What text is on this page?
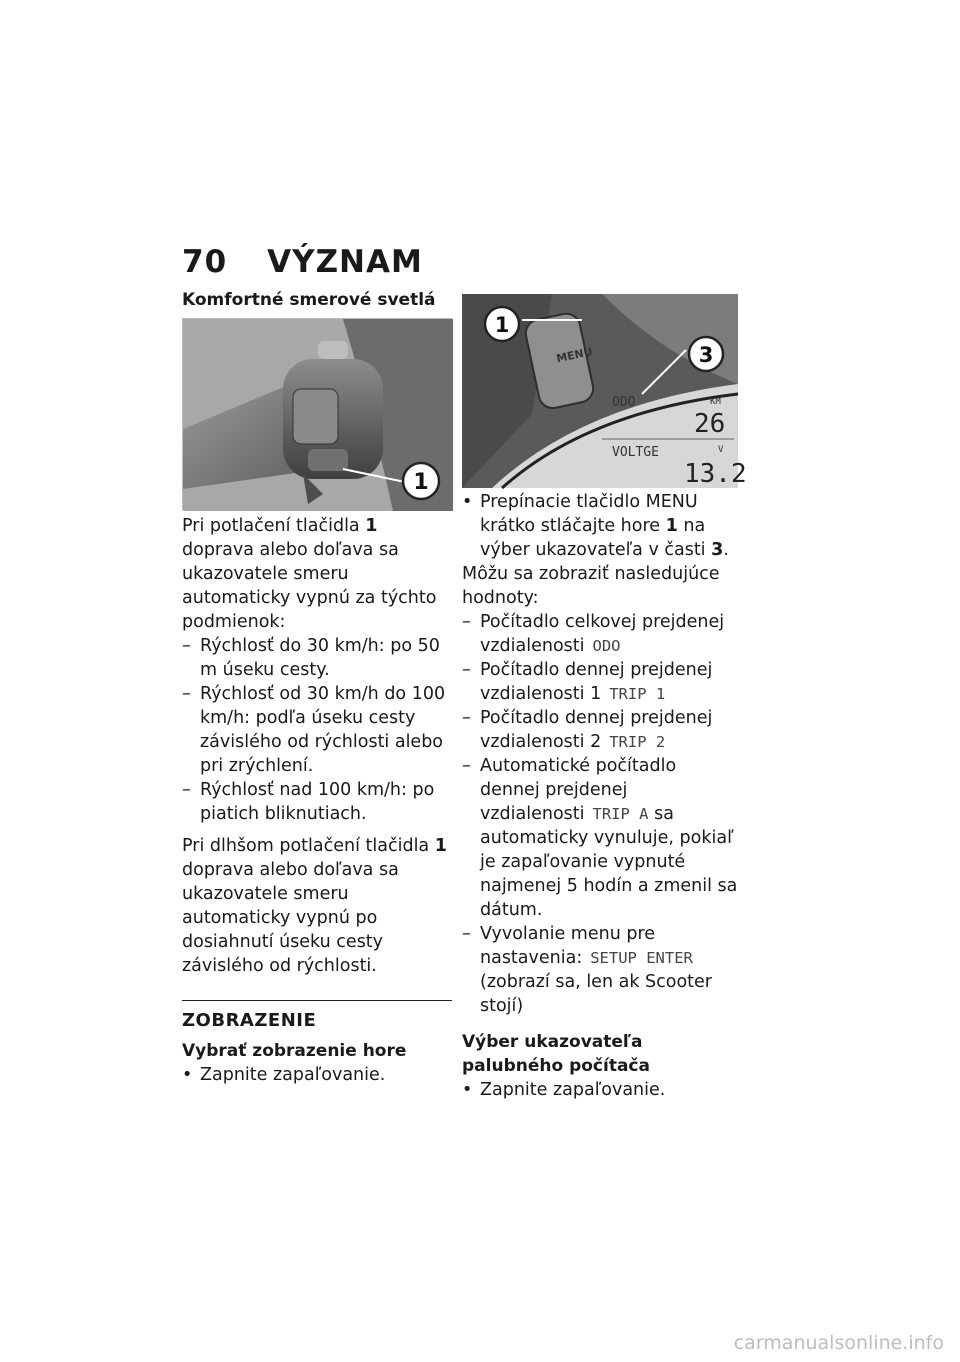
70 VÝZNAM
Komfortné smerové svetlá
1

Pri potlačení tlačidla 1 doprava alebo doľava sa ukazovatele smeru automaticky vypnú za týchto podmienok:

– Rýchlosť do 30 km/h: po 50 m úseku cesty.
– Rýchlosť od 30 km/h do 100 km/h: podľa úseku cesty závislého od rýchlosti alebo pri zrýchlení.
– Rýchlosť nad 100 km/h: po piatich bliknutiach.

Pri dlhšom potlačení tlačidla 1 doprava alebo doľava sa ukazovatele smeru automaticky vypnú po dosiahnutí úseku cesty závislého od rýchlosti.

ZOBRAZENIE
Vybrať zobrazenie hore
• Zapnite zapaľovanie.
MENU
ODO	KM
26
VOLTGE	V
13.2
1
3
• Prepínacie tlačidlo MENU krátko stláčajte hore 1 na výber ukazovateľa v časti 3.

Môžu sa zobraziť nasledujúce hodnoty:

– Počítadlo celkovej prejdenej vzdialenosti ODO
– Počítadlo dennej prejdenej vzdialenosti 1 TRIP 1
– Počítadlo dennej prejdenej vzdialenosti 2 TRIP 2
– Automatické počítadlo dennej prejdenej vzdialenosti TRIP A sa automaticky vynuluje, pokiaľ je zapaľovanie vypnuté najmenej 5 hodín a zmenil sa dátum.
– Vyvolanie menu pre nastavenia: SETUP ENTER (zobrazí sa, len ak Scooter stojí)
Výber ukazovateľa palubného počítača
• Zapnite zapaľovanie.
carmanualsonline.info
